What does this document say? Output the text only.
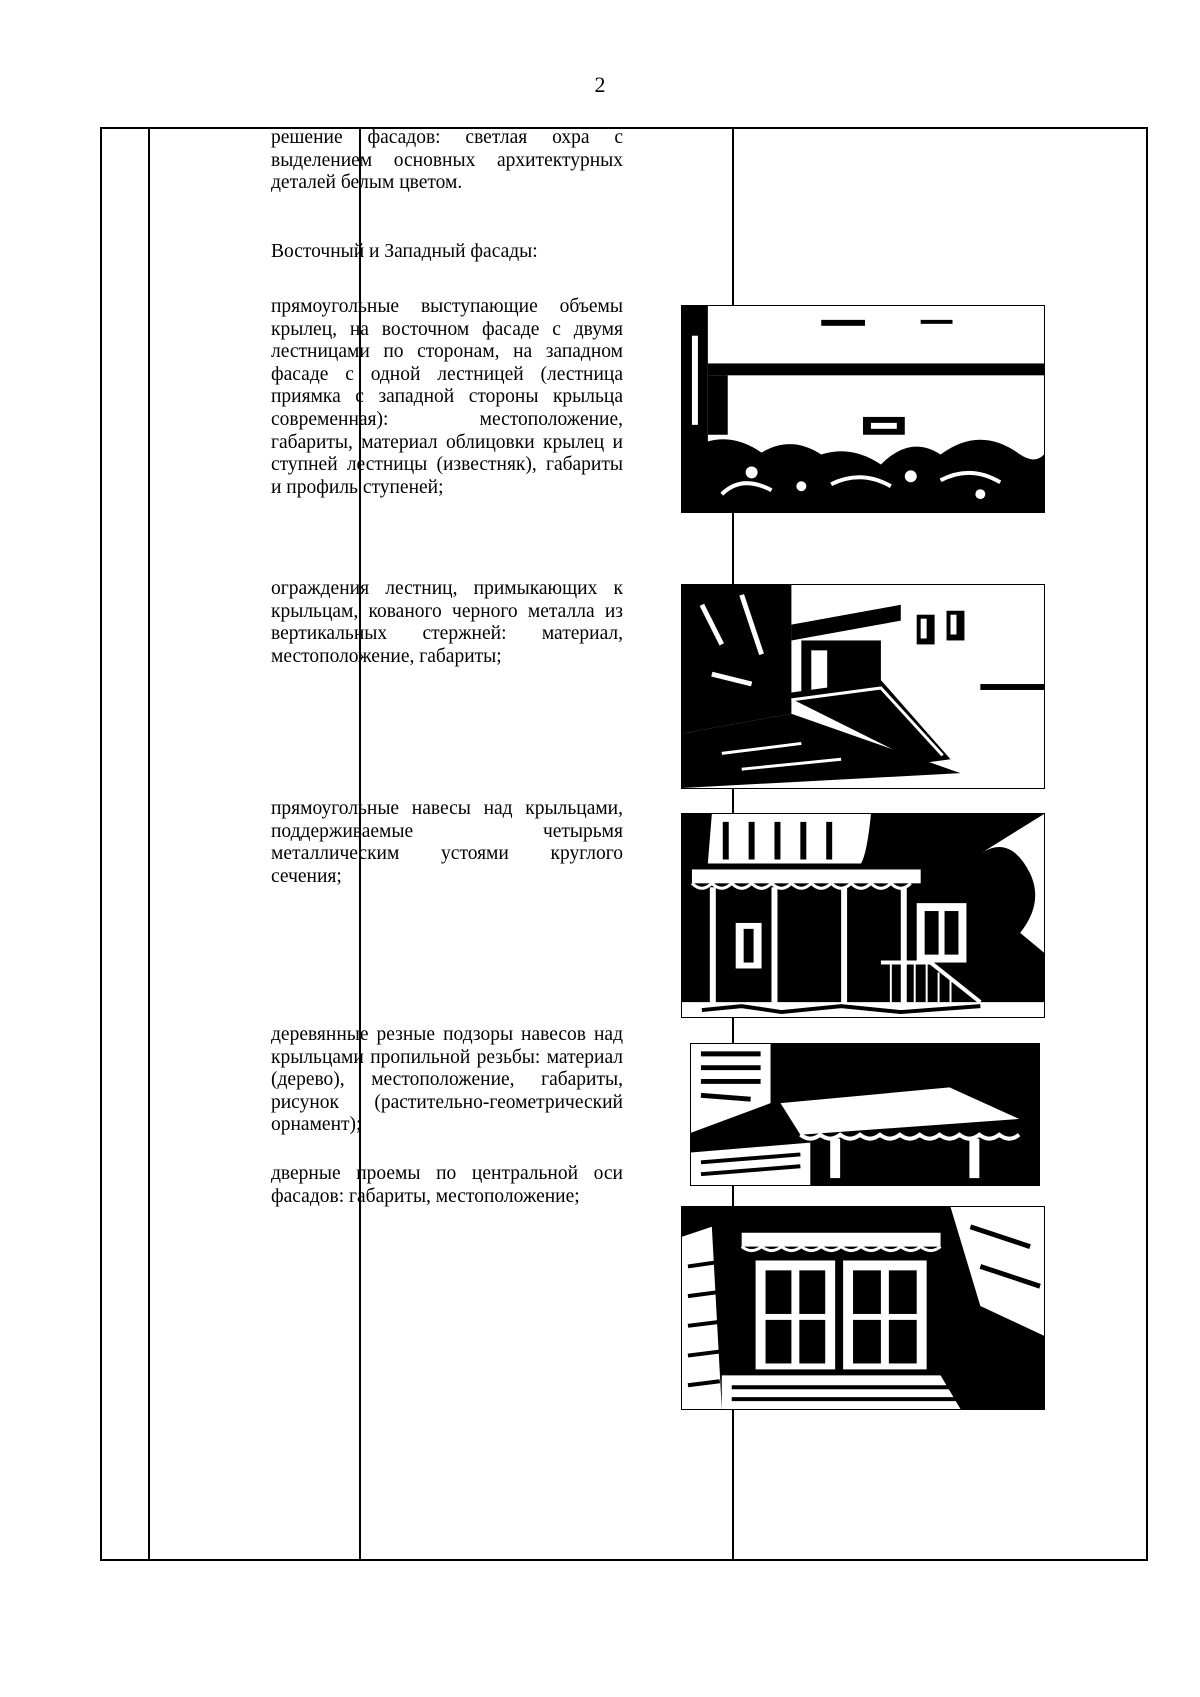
2

решение фасадов: светлая охра с выделением основных архитектурных деталей белым цветом.

Восточный и Западный фасады:

прямоугольные выступающие объемы крылец, на восточном фасаде с двумя лестницами по сторонам, на западном фасаде с одной лестницей (лестница приямка с западной стороны крыльца современная): местоположение, габариты, материал облицовки крылец и ступней лестницы (известняк), габариты и профиль ступеней;

ограждения лестниц, примыкающих к крыльцам, кованого черного металла из вертикальных стержней: материал, местоположение, габариты;

прямоугольные навесы над крыльцами, поддерживаемые четырьмя металлическим устоями круглого сечения;

деревянные резные подзоры навесов над крыльцами пропильной резьбы: материал (дерево), местоположение, габариты, рисунок (растительно-геометрический орнамент);

дверные проемы по центральной оси фасадов: габариты, местоположение;
